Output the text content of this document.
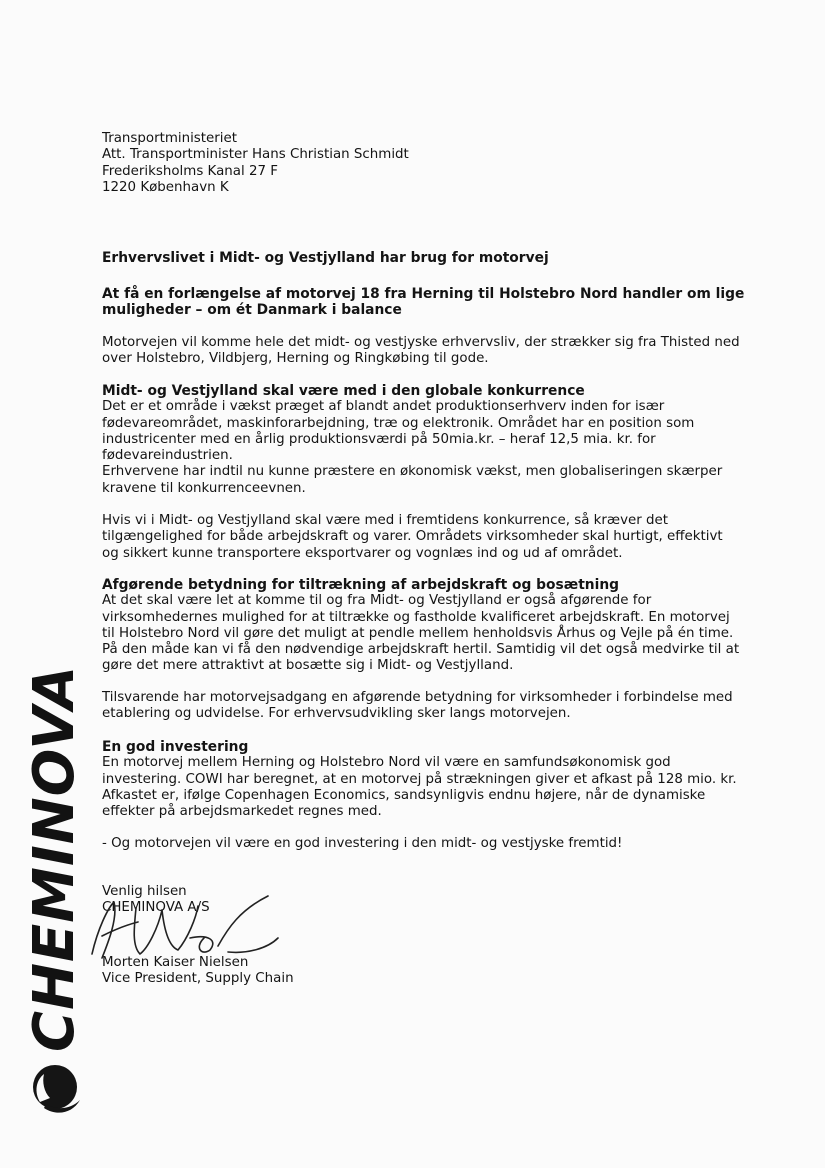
Transportministeriet
Att. Transportminister Hans Christian Schmidt
Frederiksholms Kanal 27 F
1220 København K
Erhvervslivet i Midt- og Vestjylland har brug for motorvej
At få en forlængelse af motorvej 18 fra Herning til Holstebro Nord handler om lige
muligheder – om ét Danmark i balance
Motorvejen vil komme hele det midt- og vestjyske erhvervsliv, der strækker sig fra Thisted ned
over Holstebro, Vildbjerg, Herning og Ringkøbing til gode.
Midt- og Vestjylland skal være med i den globale konkurrence
Det er et område i vækst præget af blandt andet produktionserhverv inden for især
fødevareområdet, maskinforarbejdning, træ og elektronik. Området har en position som
industricenter med en årlig produktionsværdi på 50mia.kr. – heraf 12,5 mia. kr. for
fødevareindustrien.
Erhvervene har indtil nu kunne præstere en økonomisk vækst, men globaliseringen skærper
kravene til konkurrenceevnen.
Hvis vi i Midt- og Vestjylland skal være med i fremtidens konkurrence, så kræver det
tilgængelighed for både arbejdskraft og varer. Områdets virksomheder skal hurtigt, effektivt
og sikkert kunne transportere eksportvarer og vognlæs ind og ud af området.
Afgørende betydning for tiltrækning af arbejdskraft og bosætning
At det skal være let at komme til og fra Midt- og Vestjylland er også afgørende for
virksomhedernes mulighed for at tiltrække og fastholde kvalificeret arbejdskraft. En motorvej
til Holstebro Nord vil gøre det muligt at pendle mellem henholdsvis Århus og Vejle på én time.
På den måde kan vi få den nødvendige arbejdskraft hertil. Samtidig vil det også medvirke til at
gøre det mere attraktivt at bosætte sig i Midt- og Vestjylland.
Tilsvarende har motorvejsadgang en afgørende betydning for virksomheder i forbindelse med
etablering og udvidelse. For erhvervsudvikling sker langs motorvejen.
En god investering
En motorvej mellem Herning og Holstebro Nord vil være en samfundsøkonomisk god
investering. COWI har beregnet, at en motorvej på strækningen giver et afkast på 128 mio. kr.
Afkastet er, ifølge Copenhagen Economics, sandsynligvis endnu højere, når de dynamiske
effekter på arbejdsmarkedet regnes med.
- Og motorvejen vil være en god investering i den midt- og vestjyske fremtid!
Venlig hilsen
CHEMINOVA A/S
Morten Kaiser Nielsen
Vice President, Supply Chain
CHEMINOVA
